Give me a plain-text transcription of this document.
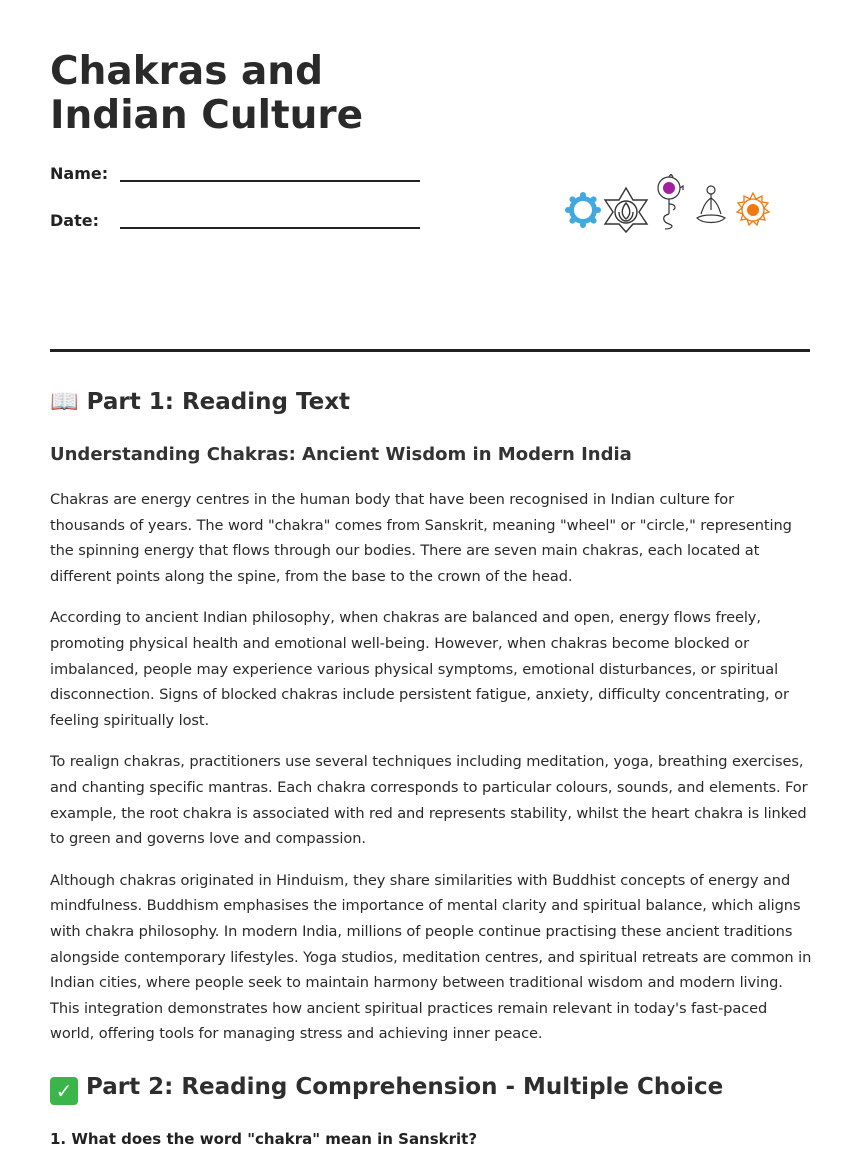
Chakras and Indian Culture
Name:
Date:
📖 Part 1: Reading Text
Understanding Chakras: Ancient Wisdom in Modern India

Chakras are energy centres in the human body that have been recognised in Indian culture for thousands of years. The word "chakra" comes from Sanskrit, meaning "wheel" or "circle," representing the spinning energy that flows through our bodies. There are seven main chakras, each located at different points along the spine, from the base to the crown of the head.

According to ancient Indian philosophy, when chakras are balanced and open, energy flows freely, promoting physical health and emotional well-being. However, when chakras become blocked or imbalanced, people may experience various physical symptoms, emotional disturbances, or spiritual disconnection. Signs of blocked chakras include persistent fatigue, anxiety, difficulty concentrating, or feeling spiritually lost.

To realign chakras, practitioners use several techniques including meditation, yoga, breathing exercises, and chanting specific mantras. Each chakra corresponds to particular colours, sounds, and elements. For example, the root chakra is associated with red and represents stability, whilst the heart chakra is linked to green and governs love and compassion.

Although chakras originated in Hinduism, they share similarities with Buddhist concepts of energy and mindfulness. Buddhism emphasises the importance of mental clarity and spiritual balance, which aligns with chakra philosophy. In modern India, millions of people continue practising these ancient traditions alongside contemporary lifestyles. Yoga studios, meditation centres, and spiritual retreats are common in Indian cities, where people seek to maintain harmony between traditional wisdom and modern living. This integration demonstrates how ancient spiritual practices remain relevant in today's fast-paced world, offering tools for managing stress and achieving inner peace.

✓ Part 2: Reading Comprehension - Multiple Choice

1. What does the word "chakra" mean in Sanskrit?
